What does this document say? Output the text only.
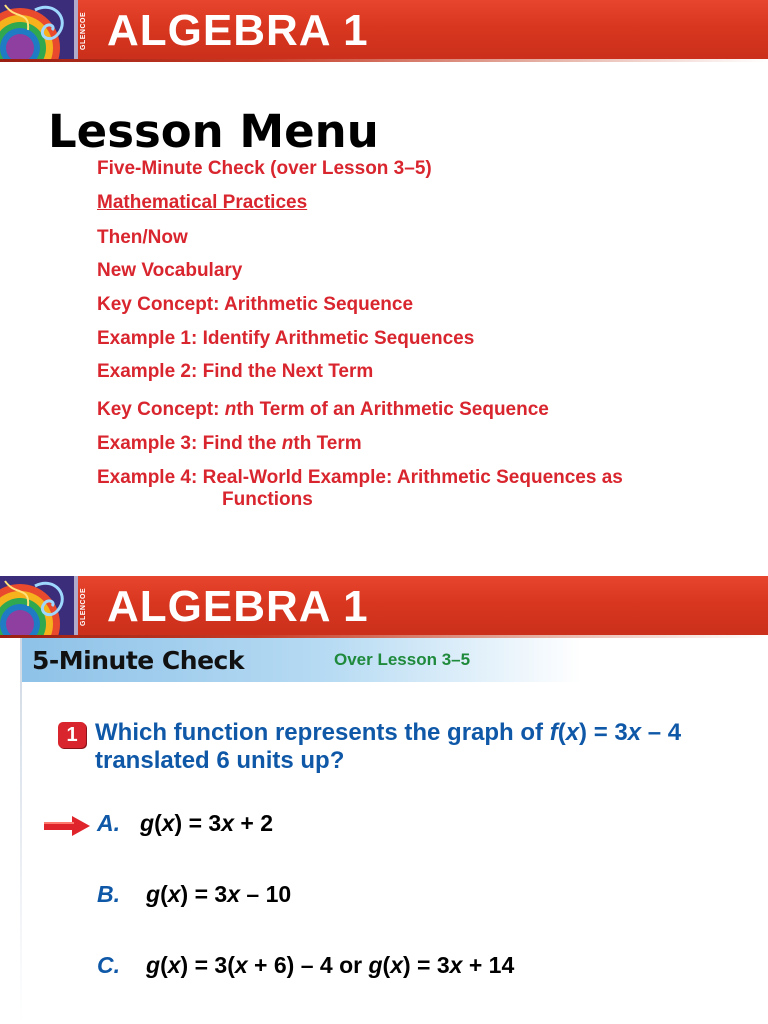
GLENCOE ALGEBRA 1
Lesson Menu
Five-Minute Check (over Lesson 3–5)
Mathematical Practices
Then/Now
New Vocabulary
Key Concept: Arithmetic Sequence
Example 1: Identify Arithmetic Sequences
Example 2: Find the Next Term
Key Concept: nth Term of an Arithmetic Sequence
Example 3: Find the nth Term
Example 4: Real-World Example: Arithmetic Sequences as
Functions
GLENCOE ALGEBRA 1
5-Minute Check	Over Lesson 3–5
1 Which function represents the graph of f(x) = 3x – 4 translated 6 units up?

A. g(x) = 3x + 2
B. g(x) = 3x – 10
C. g(x) = 3(x + 6) – 4 or g(x) = 3x + 14
